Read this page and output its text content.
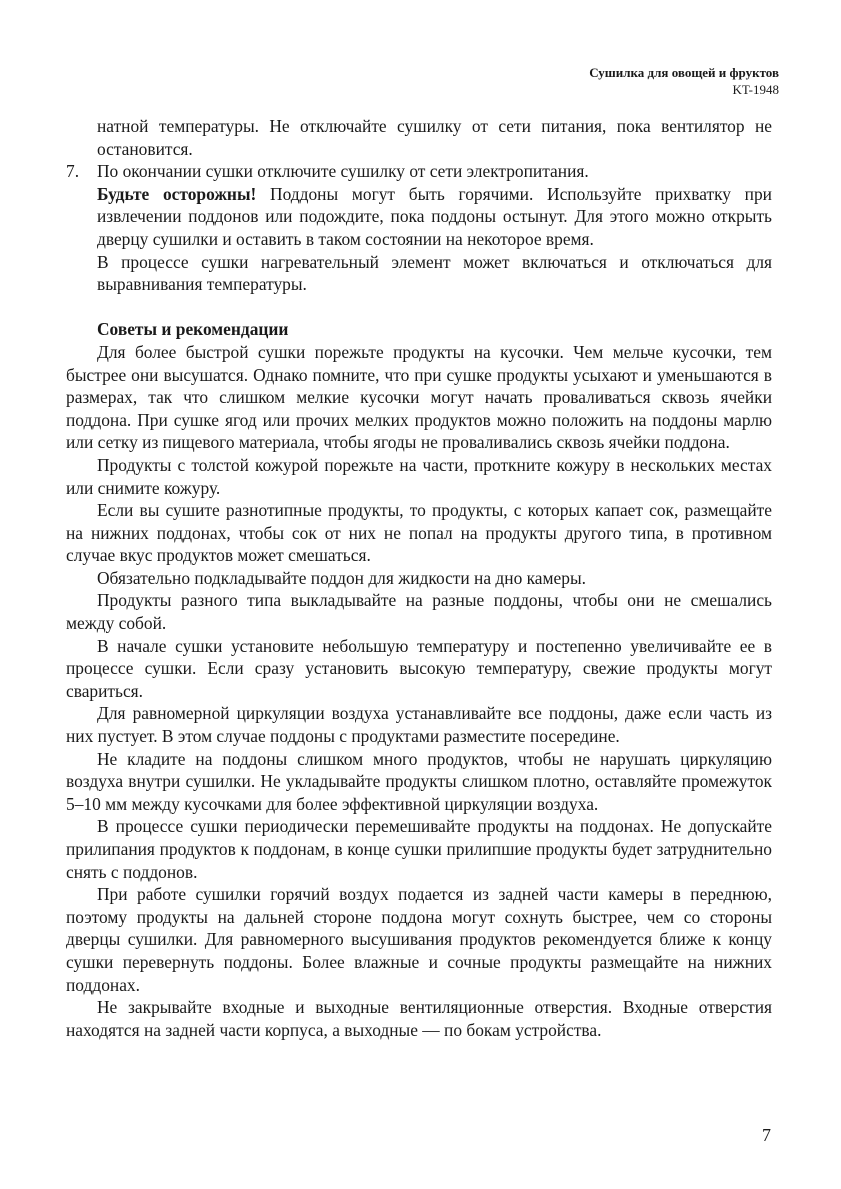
Сушилка для овощей и фруктов
KT-1948

натной температуры. Не отключайте сушилку от сети питания, пока вентилятор не остановится.

7. По окончании сушки отключите сушилку от сети электропитания.

Будьте осторожны! Поддоны могут быть горячими. Используйте прихватку при извлечении поддонов или подождите, пока поддоны остынут. Для этого можно открыть дверцу сушилки и оставить в таком состоянии на некоторое время.

В процессе сушки нагревательный элемент может включаться и отключаться для выравнивания температуры.

Советы и рекомендации

Для более быстрой сушки порежьте продукты на кусочки. Чем мельче кусочки, тем быстрее они высушатся. Однако помните, что при сушке продукты усыхают и уменьшаются в размерах, так что слишком мелкие кусочки могут начать проваливаться сквозь ячейки поддона. При сушке ягод или прочих мелких продуктов можно положить на поддоны марлю или сетку из пищевого материала, чтобы ягоды не проваливались сквозь ячейки поддона.

Продукты с толстой кожурой порежьте на части, проткните кожуру в нескольких местах или снимите кожуру.

Если вы сушите разнотипные продукты, то продукты, с которых капает сок, размещайте на нижних поддонах, чтобы сок от них не попал на продукты другого типа, в противном случае вкус продуктов может смешаться.

Обязательно подкладывайте поддон для жидкости на дно камеры.

Продукты разного типа выкладывайте на разные поддоны, чтобы они не смешались между собой.

В начале сушки установите небольшую температуру и постепенно увеличивайте ее в процессе сушки. Если сразу установить высокую температуру, свежие продукты могут свариться.

Для равномерной циркуляции воздуха устанавливайте все поддоны, даже если часть из них пустует. В этом случае поддоны с продуктами разместите посередине.

Не кладите на поддоны слишком много продуктов, чтобы не нарушать циркуляцию воздуха внутри сушилки. Не укладывайте продукты слишком плотно, оставляйте промежуток 5–10 мм между кусочками для более эффективной циркуляции воздуха.

В процессе сушки периодически перемешивайте продукты на поддонах. Не допускайте прилипания продуктов к поддонам, в конце сушки прилипшие продукты будет затруднительно снять с поддонов.

При работе сушилки горячий воздух подается из задней части камеры в переднюю, поэтому продукты на дальней стороне поддона могут сохнуть быстрее, чем со стороны дверцы сушилки. Для равномерного высушивания продуктов рекомендуется ближе к концу сушки перевернуть поддоны. Более влажные и сочные продукты размещайте на нижних поддонах.

Не закрывайте входные и выходные вентиляционные отверстия. Входные отверстия находятся на задней части корпуса, а выходные — по бокам устройства.

7
